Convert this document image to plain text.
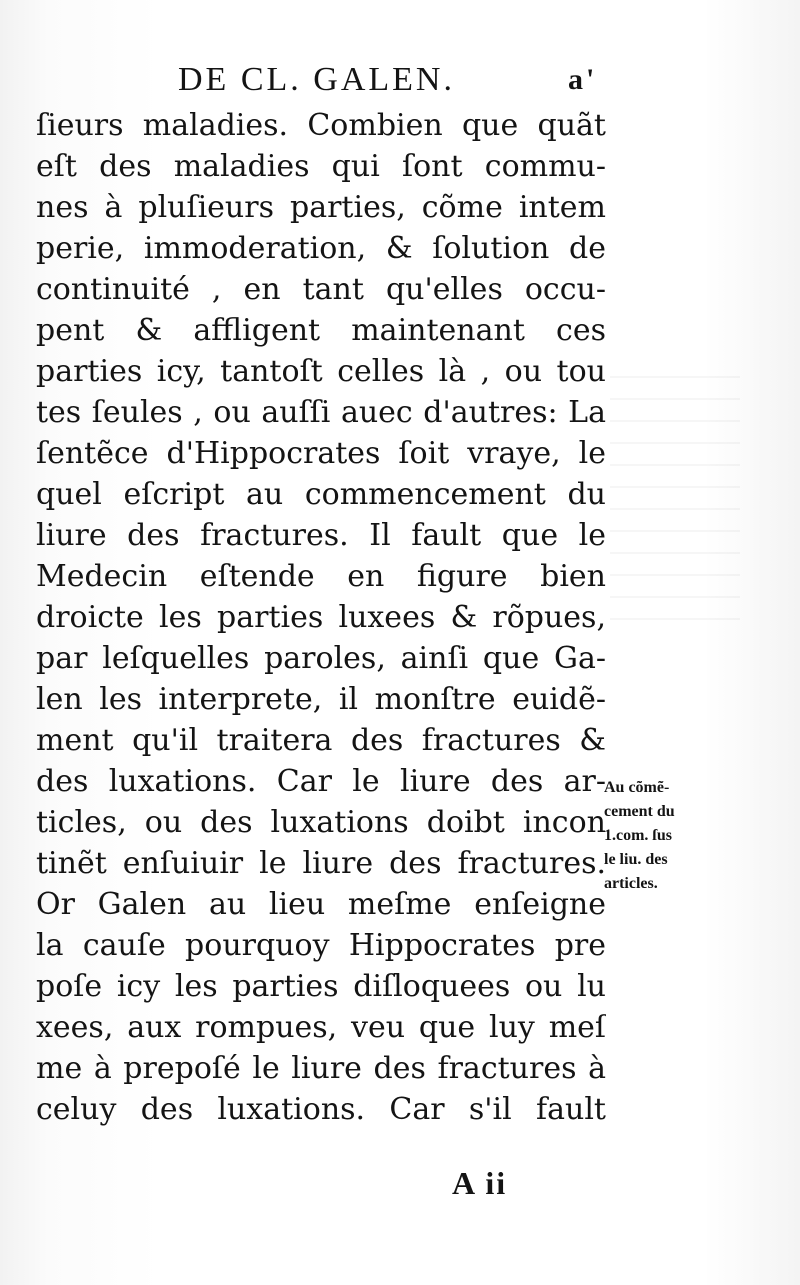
DE CL. GALEN.	a'
ſieurs maladies. Combien que quãt
eſt des maladies qui ſont commu-
nes à pluſieurs parties, cõme intem
perie, immoderation, & ſolution de
continuité , en tant qu'elles occu-
pent & affligent maintenant ces
parties icy, tantoſt celles là , ou tou
tes ſeules , ou auſſi auec d'autres: La
ſentẽce d'Hippocrates ſoit vraye, le
quel eſcript au commencement du
liure des fractures. Il fault que le
Medecin eſtende en figure bien
droicte les parties luxees & rõpues,
par leſquelles paroles, ainſi que Ga-
len les interprete, il monſtre euidẽ-
ment qu'il traitera des fractures &
des luxations. Car le liure des ar-
ticles, ou des luxations doibt incon
tinẽt enſuiuir le liure des fractures.
Or Galen au lieu meſme enſeigne
la cauſe pourquoy Hippocrates pre
poſe icy les parties diſloquees ou lu
xees, aux rompues, veu que luy meſ
me à prepoſé le liure des fractures à
celuy des luxations. Car s'il fault
Au cõmẽ-
cement du
1.com. ſus
le liu. des
articles.
A ii
